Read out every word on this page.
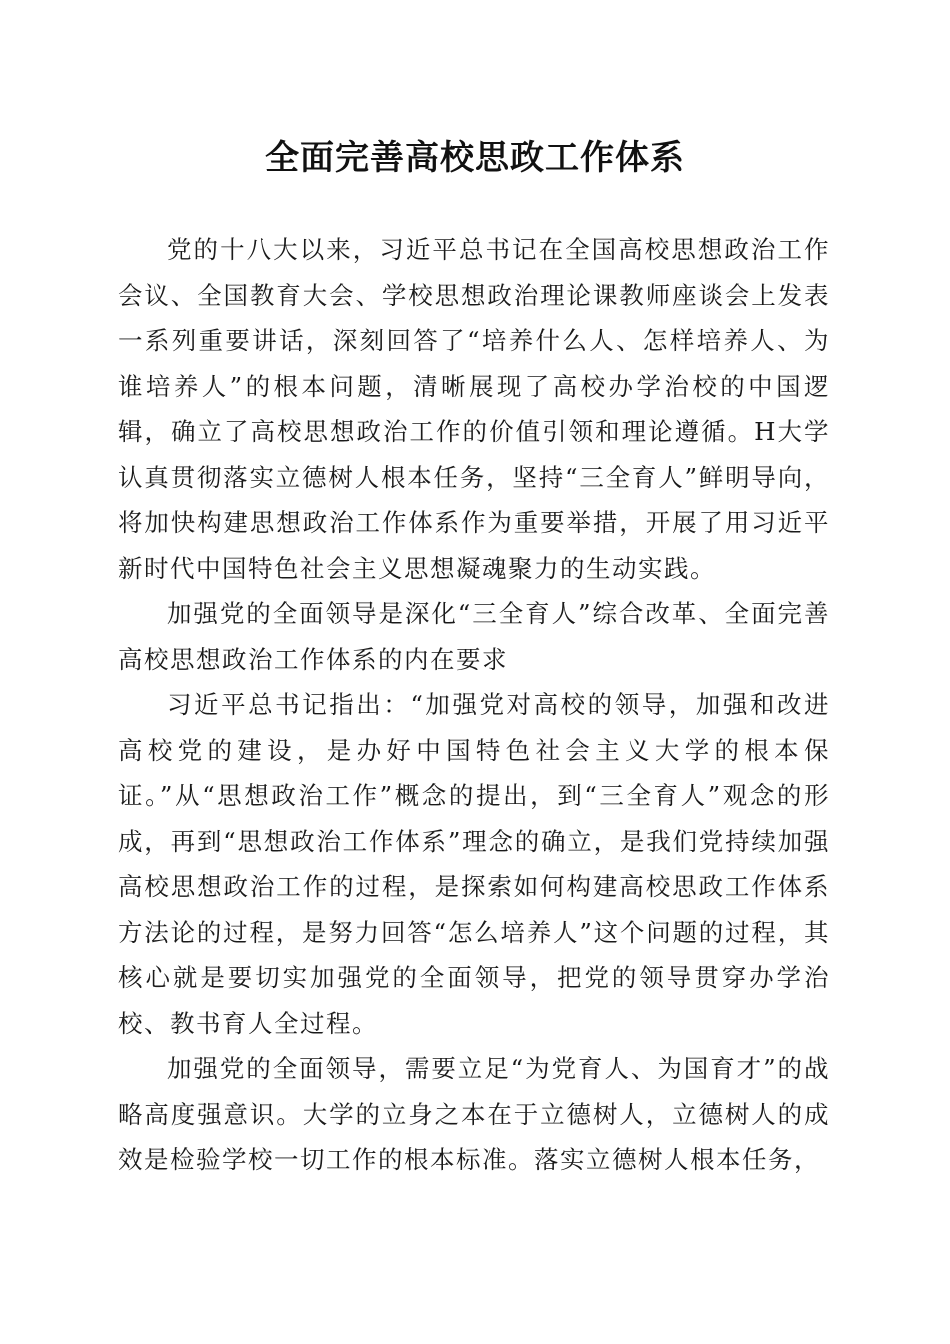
全面完善高校思政工作体系

党的十八大以来，习近平总书记在全国高校思想政治工作会议、全国教育大会、学校思想政治理论课教师座谈会上发表一系列重要讲话，深刻回答了“培养什么人、怎样培养人、为谁培养人”的根本问题，清晰展现了高校办学治校的中国逻辑，确立了高校思想政治工作的价值引领和理论遵循。H大学认真贯彻落实立德树人根本任务，坚持“三全育人”鲜明导向，将加快构建思想政治工作体系作为重要举措，开展了用习近平新时代中国特色社会主义思想凝魂聚力的生动实践。

加强党的全面领导是深化“三全育人”综合改革、全面完善高校思想政治工作体系的内在要求

习近平总书记指出：“加强党对高校的领导，加强和改进高校党的建设，是办好中国特色社会主义大学的根本保证。”从“思想政治工作”概念的提出，到“三全育人”观念的形成，再到“思想政治工作体系”理念的确立，是我们党持续加强高校思想政治工作的过程，是探索如何构建高校思政工作体系方法论的过程，是努力回答“怎么培养人”这个问题的过程，其核心就是要切实加强党的全面领导，把党的领导贯穿办学治校、教书育人全过程。

加强党的全面领导，需要立足“为党育人、为国育才”的战略高度强意识。大学的立身之本在于立德树人，立德树人的成效是检验学校一切工作的根本标准。落实立德树人根本任务，
